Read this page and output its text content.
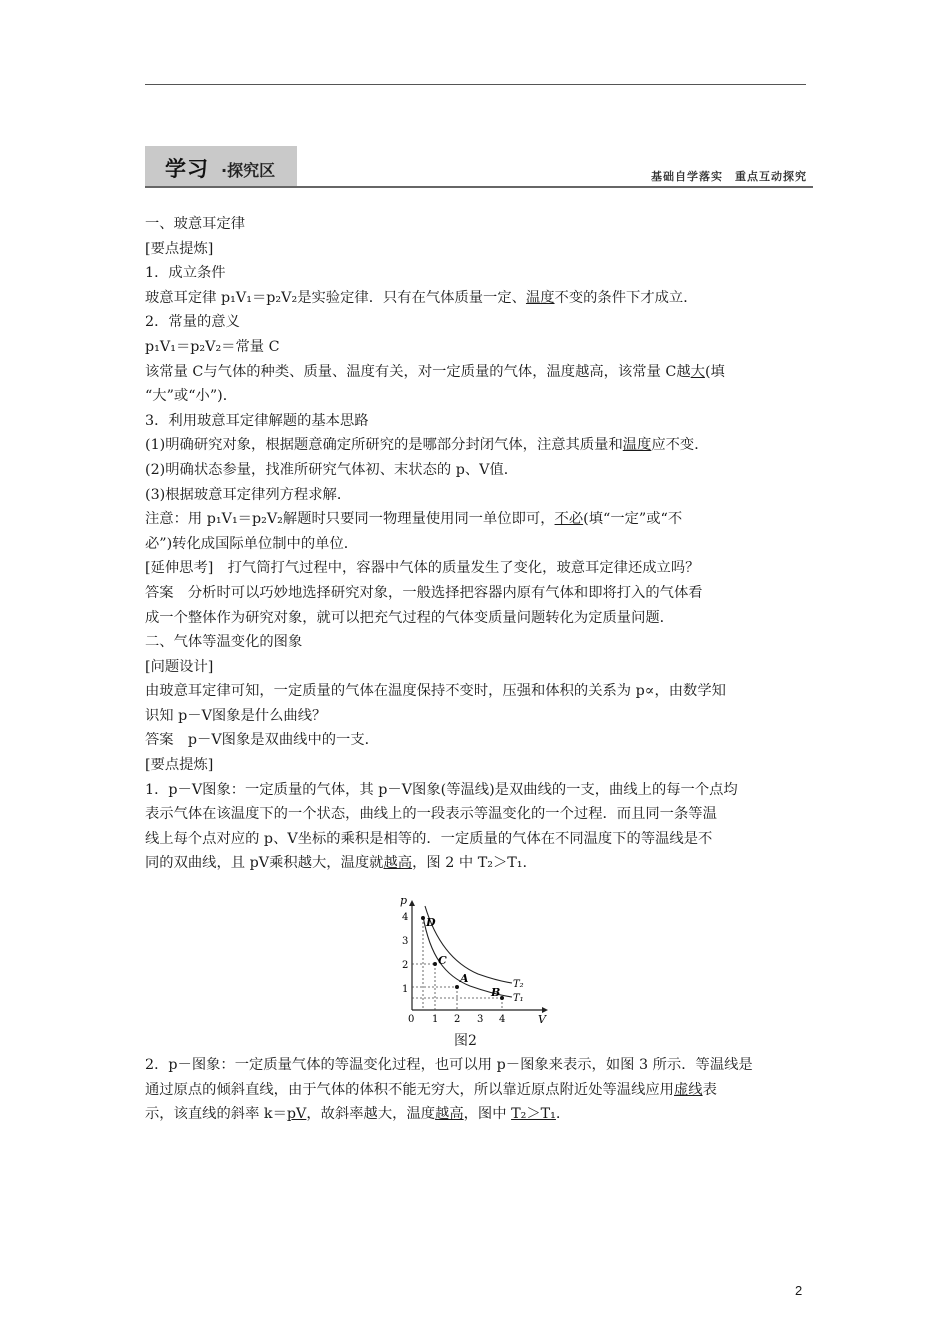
学习 ·探究区	基础自学落实　重点互动探究

一、玻意耳定律

[要点提炼]

1．成立条件

玻意耳定律 p₁V₁＝p₂V₂是实验定律．只有在气体质量一定、温度不变的条件下才成立．

2．常量的意义

p₁V₁＝p₂V₂＝常量 C

该常量 C与气体的种类、质量、温度有关，对一定质量的气体，温度越高，该常量 C越大(填

“大”或“小”)．

3．利用玻意耳定律解题的基本思路

(1)明确研究对象，根据题意确定所研究的是哪部分封闭气体，注意其质量和温度应不变．

(2)明确状态参量，找准所研究气体初、末状态的 p、V值．

(3)根据玻意耳定律列方程求解．

注意：用 p₁V₁＝p₂V₂解题时只要同一物理量使用同一单位即可，不必(填“一定”或“不

必”)转化成国际单位制中的单位．

[延伸思考]　打气筒打气过程中，容器中气体的质量发生了变化，玻意耳定律还成立吗？

答案　分析时可以巧妙地选择研究对象，一般选择把容器内原有气体和即将打入的气体看

成一个整体作为研究对象，就可以把充气过程的气体变质量问题转化为定质量问题．

二、气体等温变化的图象

[问题设计]

由玻意耳定律可知，一定质量的气体在温度保持不变时，压强和体积的关系为 p∝，由数学知

识知 p－V图象是什么曲线？

答案　p－V图象是双曲线中的一支．

[要点提炼]

1．p－V图象：一定质量的气体，其 p－V图象(等温线)是双曲线的一支，曲线上的每一个点均

表示气体在该温度下的一个状态，曲线上的一段表示等温变化的一个过程．而且同一条等温

线上每个点对应的 p、V坐标的乘积是相等的．一定质量的气体在不同温度下的等温线是不

同的双曲线，且 pV乘积越大，温度就越高，图 2 中 T₂＞T₁.

p
V
0 1 2 3 4
1
2
3
4 D
C
A
B
T₂
T₁
图2

2．p－图象：一定质量气体的等温变化过程，也可以用 p－图象来表示，如图 3 所示．等温线是

通过原点的倾斜直线，由于气体的体积不能无穷大，所以靠近原点附近处等温线应用虚线表

示，该直线的斜率 k＝pV，故斜率越大，温度越高，图中 T₂＞T₁.

2
